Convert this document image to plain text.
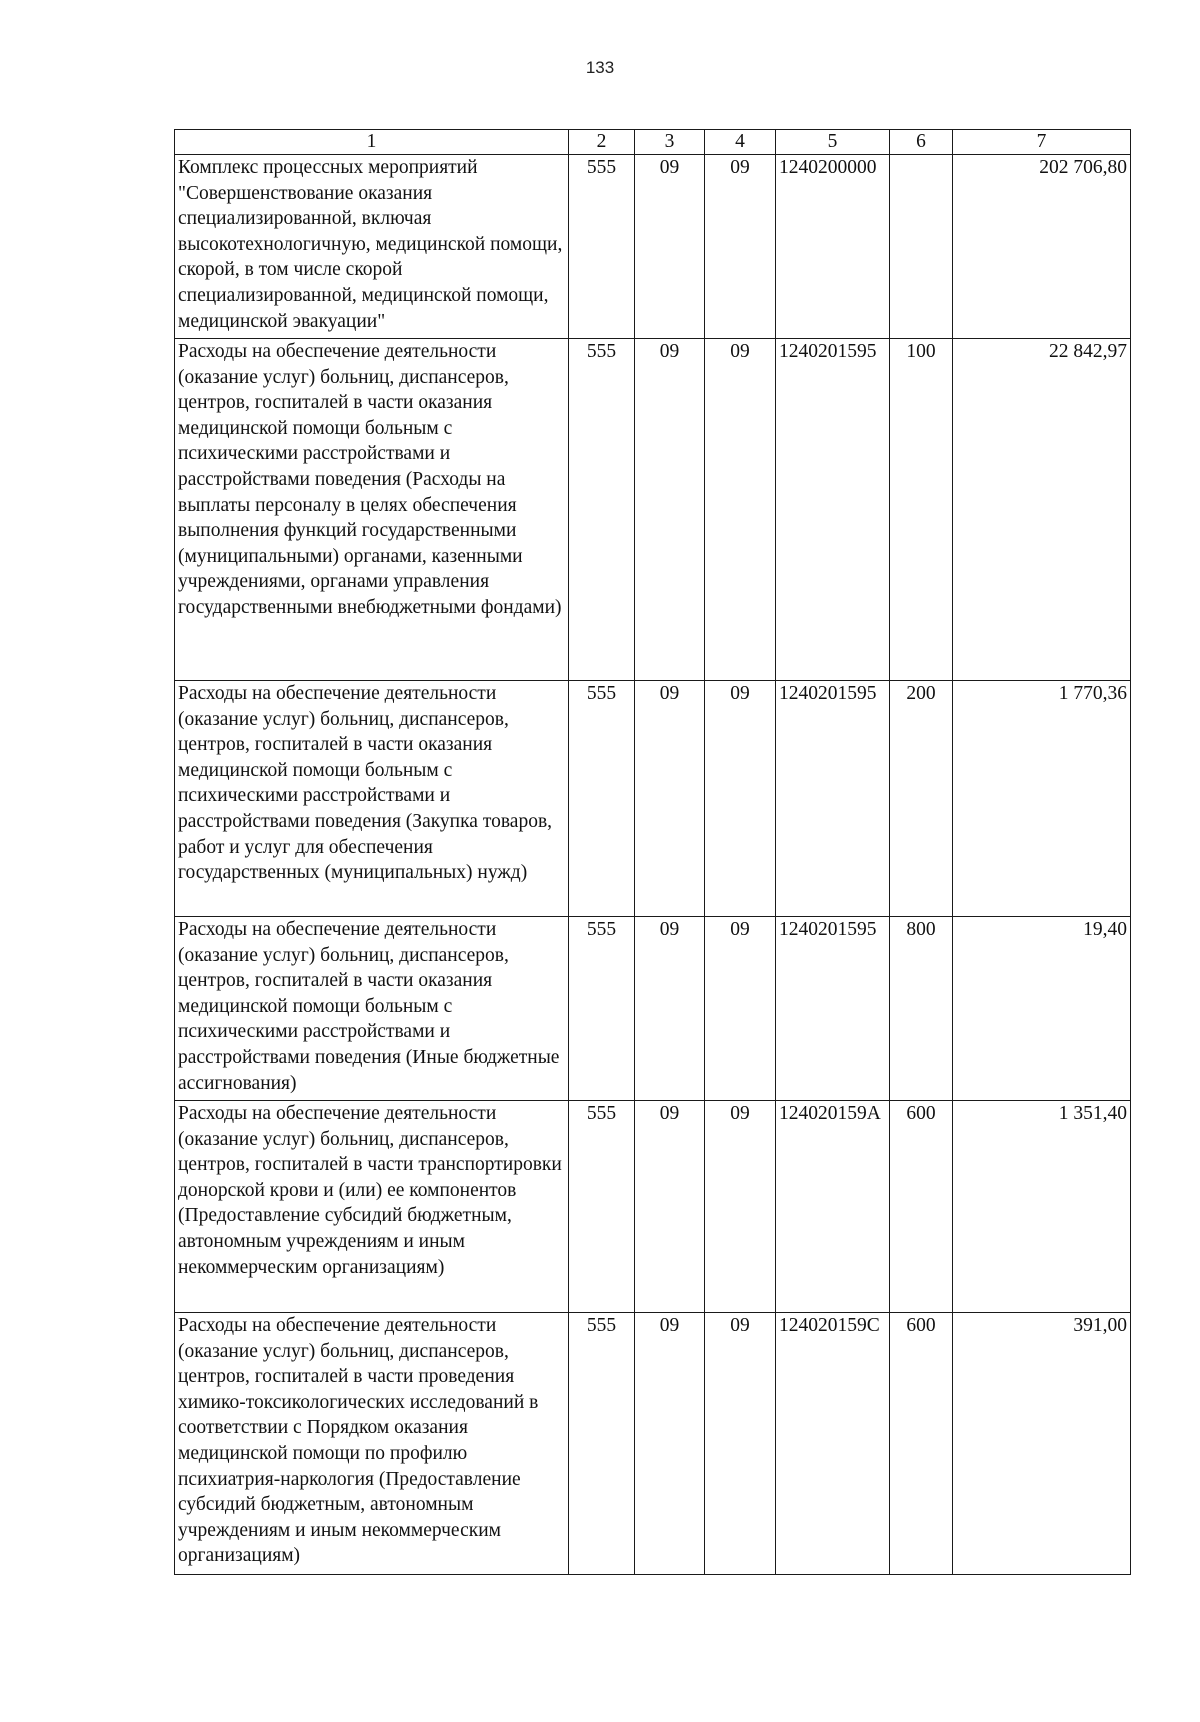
133
1	2	3	4	5	6	7
Комплекс процессных мероприятий "Совершенствование оказания специализированной, включая высокотехнологичную, медицинской помощи, скорой, в том числе скорой специализированной, медицинской помощи, медицинской эвакуации"	555	09	09	1240200000		202 706,80
Расходы на обеспечение деятельности (оказание услуг) больниц, диспансеров, центров, госпиталей в части оказания медицинской помощи больным с психическими расстройствами и расстройствами поведения (Расходы на выплаты персоналу в целях обеспечения выполнения функций государственными (муниципальными) органами, казенными учреждениями, органами управления государственными внебюджетными фондами)	555	09	09	1240201595	100	22 842,97
Расходы на обеспечение деятельности (оказание услуг) больниц, диспансеров, центров, госпиталей в части оказания медицинской помощи больным с психическими расстройствами и расстройствами поведения (Закупка товаров, работ и услуг для обеспечения государственных (муниципальных) нужд)	555	09	09	1240201595	200	1 770,36
Расходы на обеспечение деятельности (оказание услуг) больниц, диспансеров, центров, госпиталей в части оказания медицинской помощи больным с психическими расстройствами и расстройствами поведения (Иные бюджетные ассигнования)	555	09	09	1240201595	800	19,40
Расходы на обеспечение деятельности (оказание услуг) больниц, диспансеров, центров, госпиталей в части транспортировки донорской крови и (или) ее компонентов (Предоставление субсидий бюджетным, автономным учреждениям и иным некоммерческим организациям)	555	09	09	124020159А	600	1 351,40
Расходы на обеспечение деятельности (оказание услуг) больниц, диспансеров, центров, госпиталей в части проведения химико-токсикологических исследований в соответствии с Порядком оказания медицинской помощи по профилю психиатрия-наркология (Предоставление субсидий бюджетным, автономным учреждениям и иным некоммерческим организациям)	555	09	09	124020159С	600	391,00
